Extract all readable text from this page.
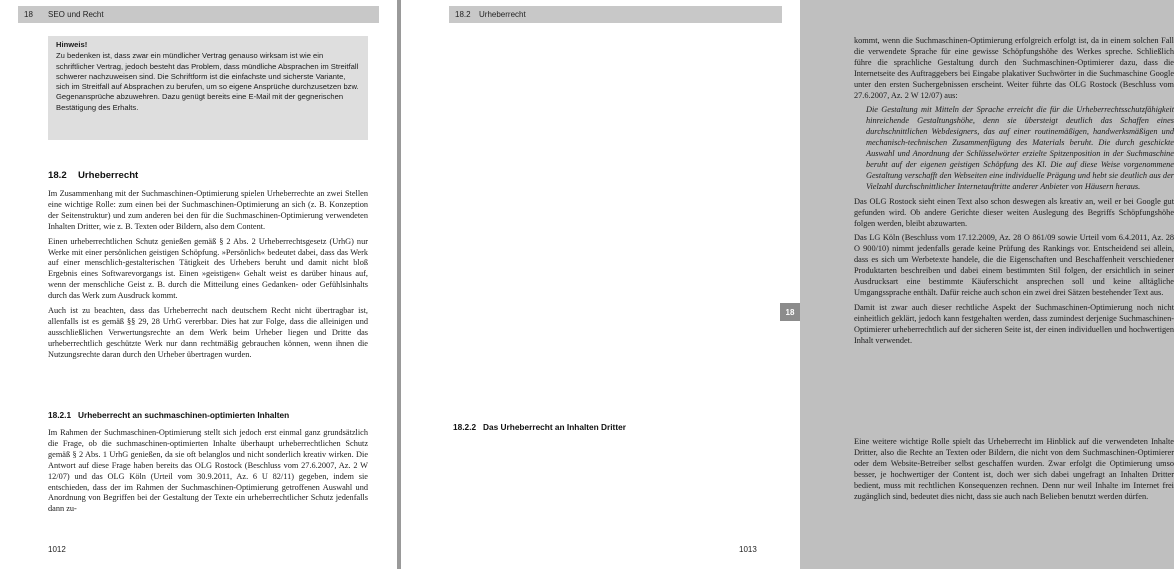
18	SEO und Recht
Hinweis!
Zu bedenken ist, dass zwar ein mündlicher Vertrag genauso wirksam ist wie ein schriftlicher Vertrag, jedoch besteht das Problem, dass mündliche Absprachen im Streitfall schwerer nachzuweisen sind. Die Schriftform ist die einfachste und sicherste Variante, sich im Streitfall auf Absprachen zu berufen, um so eigene Ansprüche durchzusetzen bzw. Gegenansprüche abzuwehren. Dazu genügt bereits eine E-Mail mit der gegnerischen Bestätigung des Erhalts.
18.2 Urheberrecht

Im Zusammenhang mit der Suchmaschinen-Optimierung spielen Urheberrechte an zwei Stellen eine wichtige Rolle: zum einen bei der Suchmaschinen-Optimierung an sich (z. B. Konzeption der Seitenstruktur) und zum anderen bei den für die Suchmaschinen-Optimierung verwendeten Inhalten Dritter, wie z. B. Texten oder Bildern, also dem Content.

Einen urheberrechtlichen Schutz genießen gemäß § 2 Abs. 2 Urheberrechtsgesetz (UrhG) nur Werke mit einer persönlichen geistigen Schöpfung. »Persönlich« bedeutet dabei, dass das Werk auf einer menschlich-gestalterischen Tätigkeit des Urhebers beruht und damit nicht bloß Ergebnis eines Softwarevorgangs ist. Einen »geistigen« Gehalt weist es darüber hinaus auf, wenn der menschliche Geist z. B. durch die Mitteilung eines Gedanken- oder Gefühlsinhalts durch das Werk zum Ausdruck kommt.

Auch ist zu beachten, dass das Urheberrecht nach deutschem Recht nicht übertragbar ist, allenfalls ist es gemäß §§ 29, 28 UrhG vererbbar. Dies hat zur Folge, dass die alleinigen und ausschließlichen Verwertungsrechte an dem Werk beim Urheber liegen und Dritte das urheberrechtlich geschützte Werk nur dann rechtmäßig gebrauchen können, wenn ihnen die Nutzungsrechte daran durch den Urheber übertragen wurden.

18.2.1 Urheberrecht an suchmaschinen-optimierten Inhalten

Im Rahmen der Suchmaschinen-Optimierung stellt sich jedoch erst einmal ganz grundsätzlich die Frage, ob die suchmaschinen-optimierten Inhalte überhaupt urheberrechtlichen Schutz gemäß § 2 Abs. 1 UrhG genießen, da sie oft belanglos und nicht sonderlich kreativ wirken. Die Antwort auf diese Frage haben bereits das OLG Rostock (Beschluss vom 27.6.2007, Az. 2 W 12/07) und das OLG Köln (Urteil vom 30.9.2011, Az. 6 U 82/11) gegeben, indem sie entschieden, dass der im Rahmen der Suchmaschinen-Optimierung getroffenen Auswahl und Anordnung von Begriffen bei der Gestaltung der Texte ein urheberrechtlicher Schutz jedenfalls dann zu-

1012
18.2	Urheberrecht

kommt, wenn die Suchmaschinen-Optimierung erfolgreich erfolgt ist, da in einem solchen Fall die verwendete Sprache für eine gewisse Schöpfungshöhe des Werkes spreche. Schließlich führe die sprachliche Gestaltung durch den Suchmaschinen-Optimierer dazu, dass die Internetseite des Auftraggebers bei Eingabe plakativer Suchwörter in die Suchmaschine Google unter den ersten Suchergebnissen erscheint. Weiter führte das OLG Rostock (Beschluss vom 27.6.2007, Az. 2 W 12/07) aus:

Die Gestaltung mit Mitteln der Sprache erreicht die für die Urheberrechtsschutzfähigkeit hinreichende Gestaltungshöhe, denn sie übersteigt deutlich das Schaffen eines durchschnittlichen Webdesigners, das auf einer routinemäßigen, handwerksmäßigen und mechanisch-technischen Zusammenfügung des Materials beruht. Die durch geschickte Auswahl und Anordnung der Schlüsselwörter erzielte Spitzenposition in der Suchmaschine beruht auf der eigenen geistigen Schöpfung des Kl. Die auf diese Weise vorgenommene Gestaltung verschafft den Webseiten eine individuelle Prägung und hebt sie deutlich aus der Vielzahl durchschnittlicher Internetauftritte anderer Anbieter von Häusern heraus.

Das OLG Rostock sieht einen Text also schon deswegen als kreativ an, weil er bei Google gut gefunden wird. Ob andere Gerichte dieser weiten Auslegung des Begriffs Schöpfungshöhe folgen werden, bleibt abzuwarten.

Das LG Köln (Beschluss vom 17.12.2009, Az. 28 O 861/09 sowie Urteil vom 6.4.2011, Az. 28 O 900/10) nimmt jedenfalls gerade keine Prüfung des Rankings vor. Entscheidend sei allein, dass es sich um Werbetexte handele, die die Eigenschaften und Beschaffenheit verschiedener Produktarten beschreiben und dabei einem bestimmten Stil folgen, der ersichtlich in seiner Ausdrucksart eine bestimmte Käuferschicht ansprechen soll und keine alltägliche Umgangssprache enthält. Dafür reiche auch schon ein zwei drei Sätzen bestehender Text aus.

Damit ist zwar auch dieser rechtliche Aspekt der Suchmaschinen-Optimierung noch nicht einheitlich geklärt, jedoch kann festgehalten werden, dass zumindest derjenige Suchmaschinen-Optimierer urheberrechtlich auf der sicheren Seite ist, der einen individuellen und hochwertigen Inhalt verwendet.

18.2.2 Das Urheberrecht an Inhalten Dritter

Eine weitere wichtige Rolle spielt das Urheberrecht im Hinblick auf die verwendeten Inhalte Dritter, also die Rechte an Texten oder Bildern, die nicht von dem Suchmaschinen-Optimierer oder dem Website-Betreiber selbst geschaffen wurden. Zwar erfolgt die Optimierung umso besser, je hochwertiger der Content ist, doch wer sich dabei ungefragt an Inhalten Dritter bedient, muss mit rechtlichen Konsequenzen rechnen. Denn nur weil Inhalte im Internet frei zugänglich sind, bedeutet dies nicht, dass sie auch nach Belieben benutzt werden dürfen.

18
1013
